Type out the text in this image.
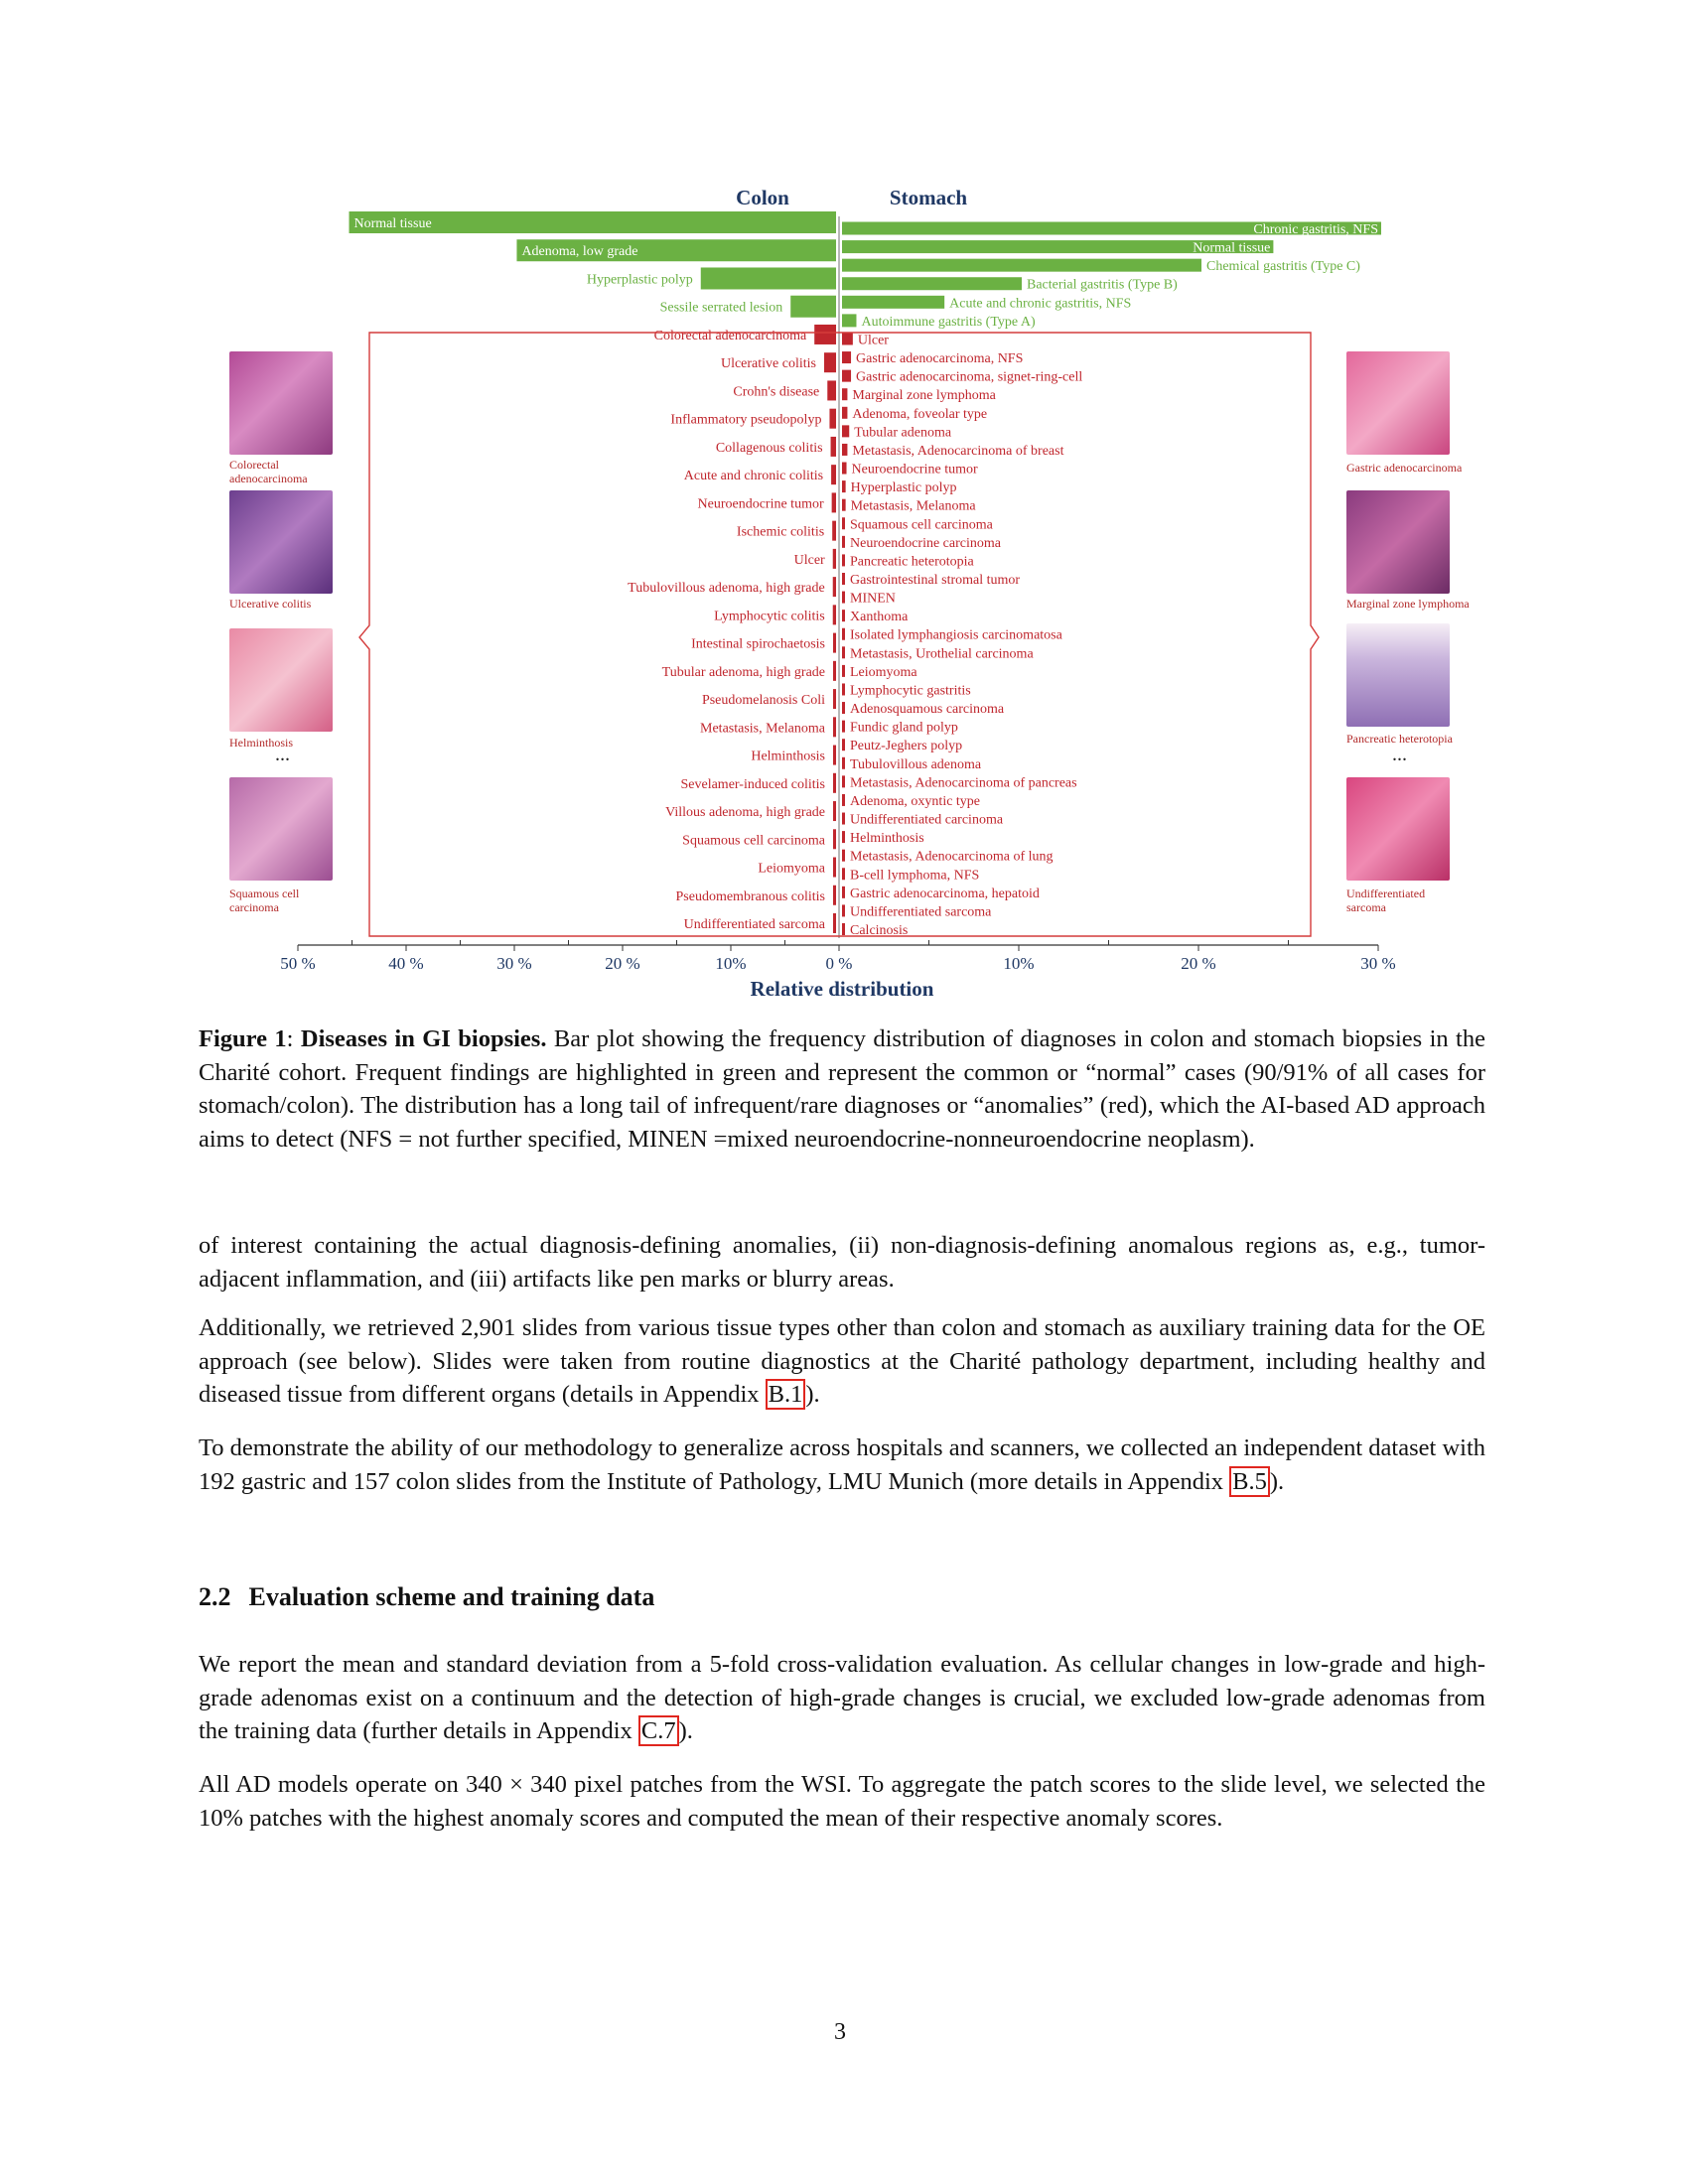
Colon	Stomach
Normal tissue
Adenoma, low grade
Hyperplastic polyp
Sessile serrated lesion
Colorectal adenocarcinoma
Ulcerative colitis
Crohn's disease
Inflammatory pseudopolyp
Collagenous colitis
Acute and chronic colitis
Neuroendocrine tumor
Ischemic colitis
Ulcer
Tubulovillous adenoma, high grade
Lymphocytic colitis
Intestinal spirochaetosis
Tubular adenoma, high grade
Pseudomelanosis Coli
Metastasis, Melanoma
Helminthosis
Sevelamer-induced colitis
Villous adenoma, high grade
Squamous cell carcinoma
Leiomyoma
Pseudomembranous colitis
Undifferentiated sarcoma
Chronic gastritis, NFS
Normal tissue
Chemical gastritis (Type C)
Bacterial gastritis (Type B)
Acute and chronic gastritis, NFS
Autoimmune gastritis (Type A)
Ulcer
Gastric adenocarcinoma, NFS
Gastric adenocarcinoma, signet-ring-cell
Marginal zone lymphoma
Adenoma, foveolar type
Tubular adenoma
Metastasis, Adenocarcinoma of breast
Neuroendocrine tumor
Hyperplastic polyp
Metastasis, Melanoma
Squamous cell carcinoma
Neuroendocrine carcinoma
Pancreatic heterotopia
Gastrointestinal stromal tumor
MINEN
Xanthoma
Isolated lymphangiosis carcinomatosa
Metastasis, Urothelial carcinoma
Leiomyoma
Lymphocytic gastritis
Adenosquamous carcinoma
Fundic gland polyp
Peutz-Jeghers polyp
Tubulovillous adenoma
Metastasis, Adenocarcinoma of pancreas
Adenoma, oxyntic type
Undifferentiated carcinoma
Helminthosis
Metastasis, Adenocarcinoma of lung
B-cell lymphoma, NFS
Gastric adenocarcinoma, hepatoid
Undifferentiated sarcoma
Calcinosis
50 %	40 %	30 %	20 %	10%	0 %	10%	20 %	30 %
Relative distribution
Colorectal adenocarcinoma
Ulcerative colitis
Helminthosis
...
Squamous cell carcinoma
Gastric adenocarcinoma
Marginal zone lymphoma
Pancreatic heterotopia
...
Undifferentiated sarcoma
Figure 1: Diseases in GI biopsies. Bar plot showing the frequency distribution of diagnoses in colon and stomach biopsies in the Charité cohort. Frequent findings are highlighted in green and represent the common or “normal” cases (90/91% of all cases for stomach/colon). The distribution has a long tail of infrequent/rare diagnoses or “anomalies” (red), which the AI-based AD approach aims to detect (NFS = not further specified, MINEN =mixed neuroendocrine-nonneuroendocrine neoplasm).

of interest containing the actual diagnosis-defining anomalies, (ii) non-diagnosis-defining anomalous regions as, e.g., tumor-adjacent inflammation, and (iii) artifacts like pen marks or blurry areas.

Additionally, we retrieved 2,901 slides from various tissue types other than colon and stomach as auxiliary training data for the OE approach (see below). Slides were taken from routine diagnostics at the Charité pathology department, including healthy and diseased tissue from different organs (details in Appendix B.1 ).

To demonstrate the ability of our methodology to generalize across hospitals and scanners, we collected an independent dataset with 192 gastric and 157 colon slides from the Institute of Pathology, LMU Munich (more details in Appendix B.5 ).

2.2 Evaluation scheme and training data

We report the mean and standard deviation from a 5-fold cross-validation evaluation. As cellular changes in low-grade and high-grade adenomas exist on a continuum and the detection of high-grade changes is crucial, we excluded low-grade adenomas from the training data (further details in Appendix C.7 ).

All AD models operate on 340 × 340 pixel patches from the WSI. To aggregate the patch scores to the slide level, we selected the 10% patches with the highest anomaly scores and computed the mean of their respective anomaly scores.

3
